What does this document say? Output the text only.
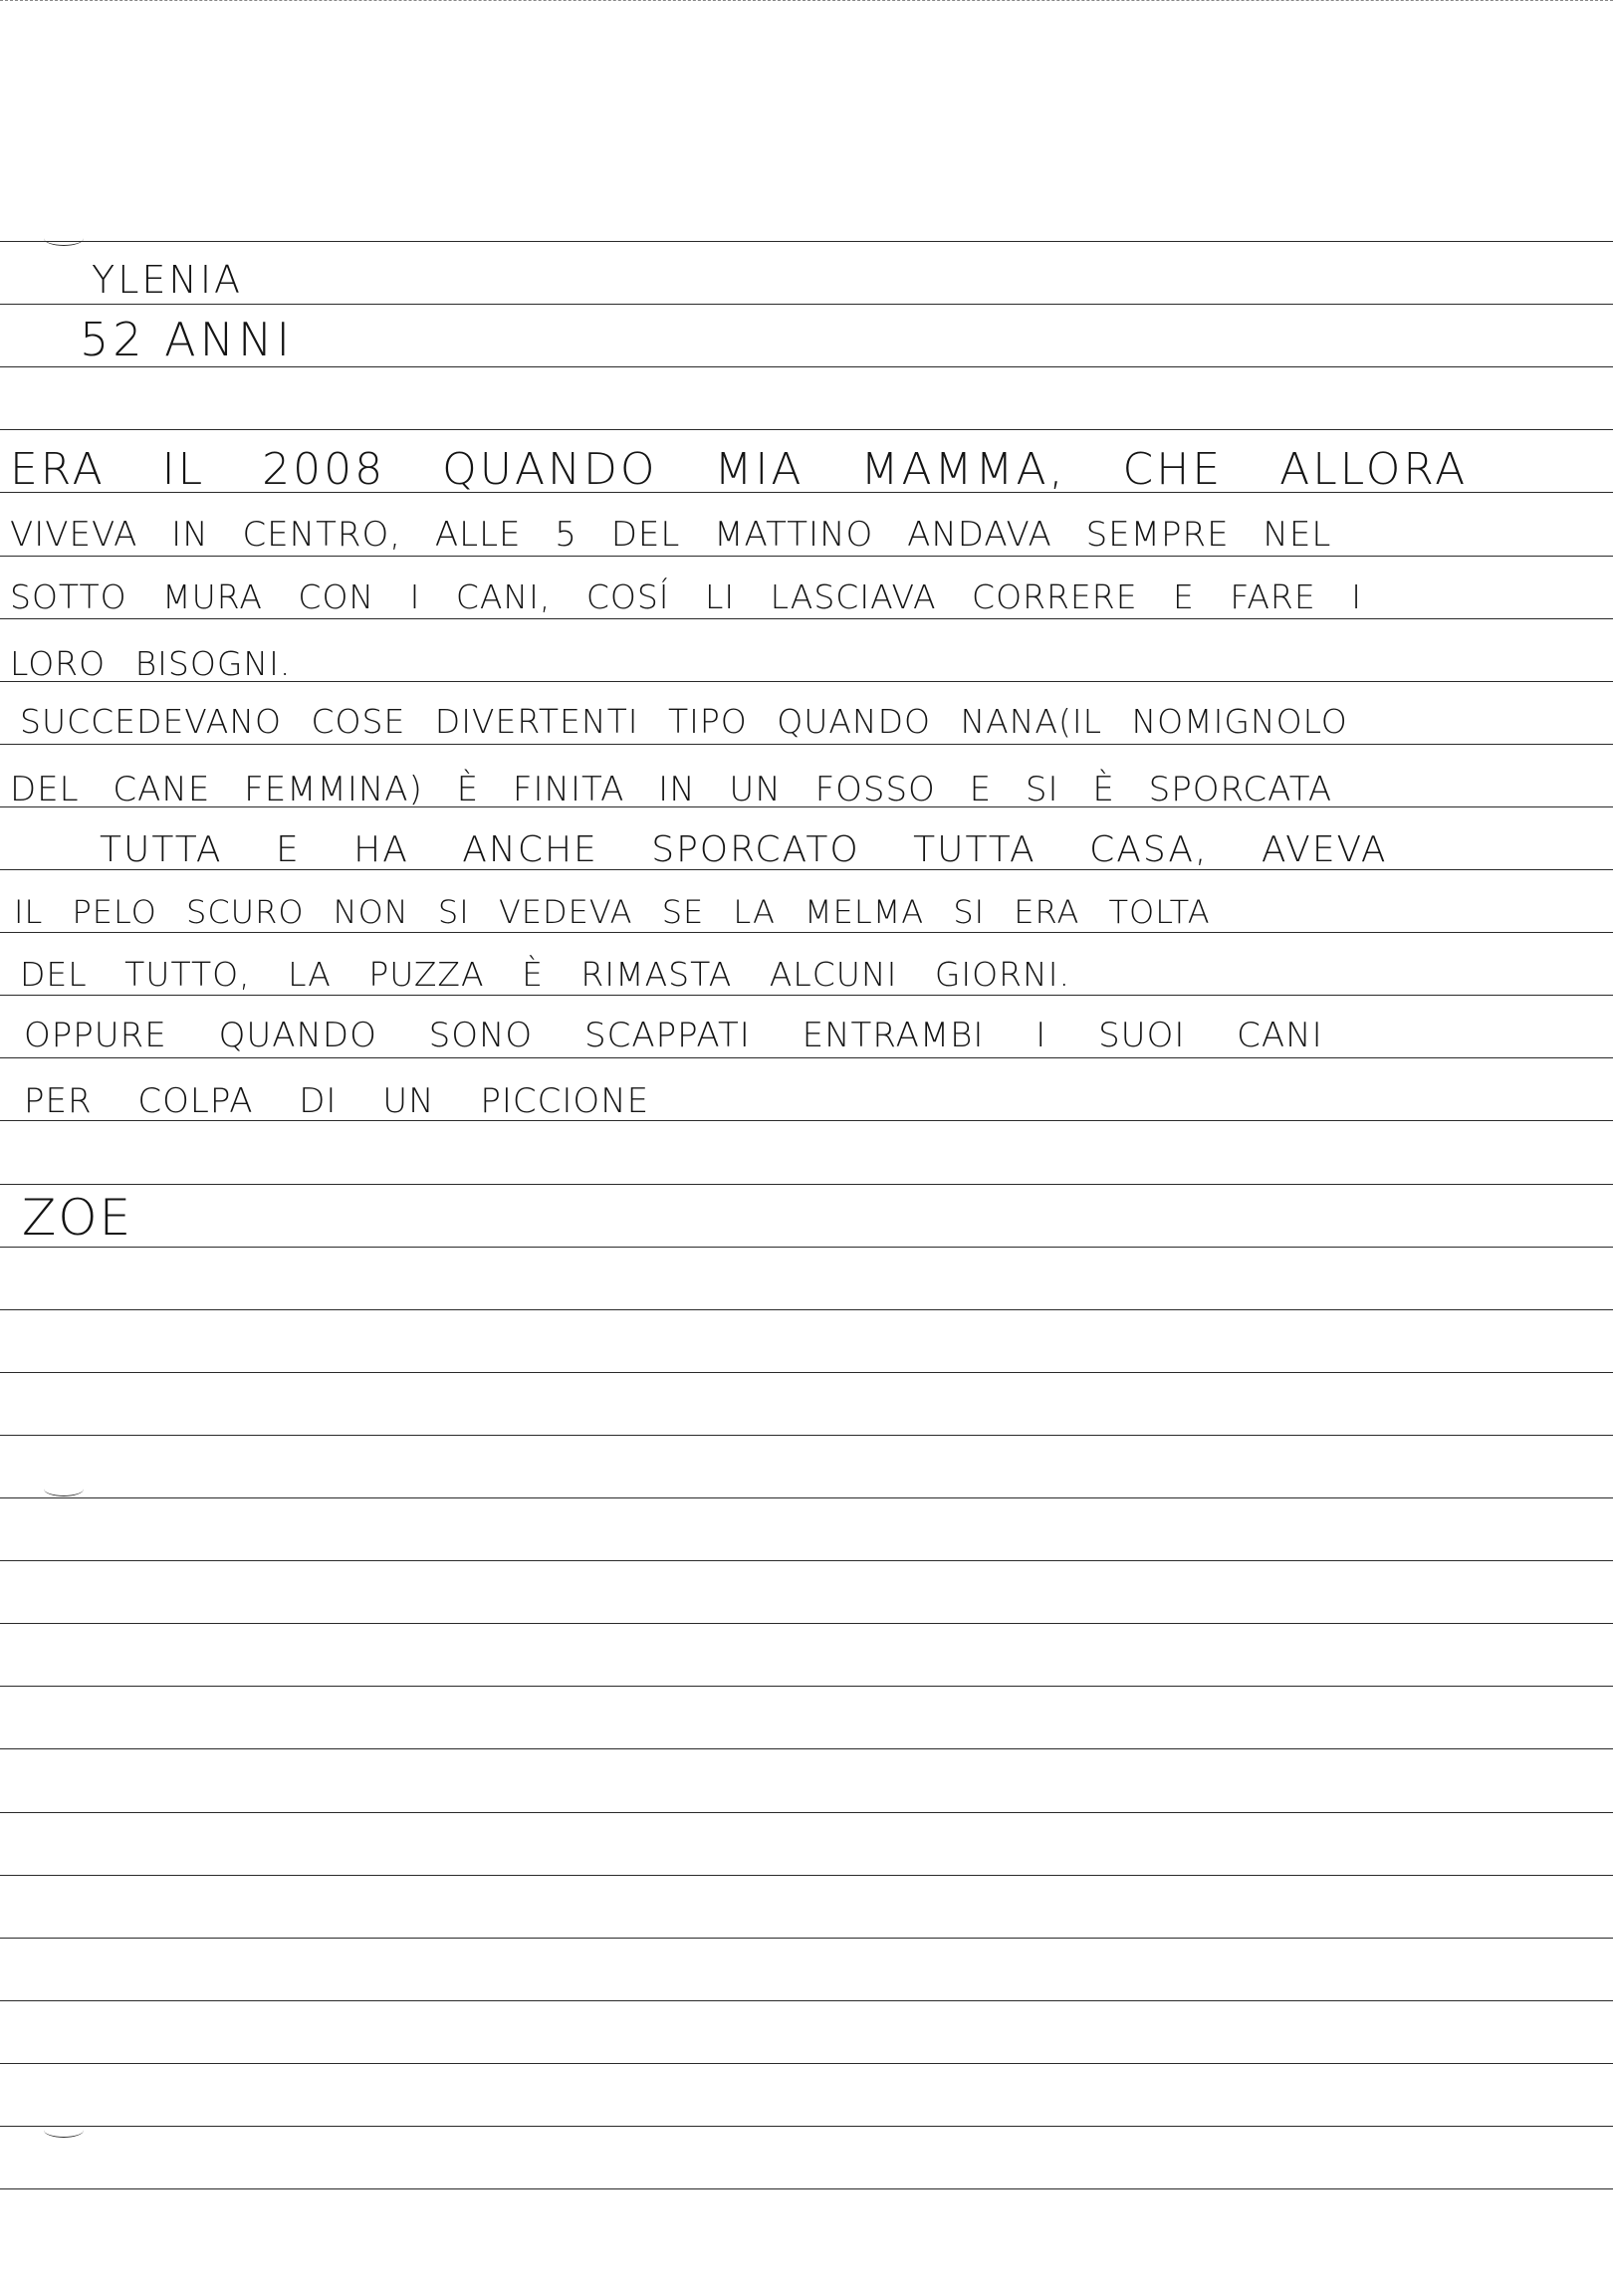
YLENIA
52 ANNI
ERA IL 2008 QUANDO MIA MAMMA, CHE ALLORA
VIVEVA IN CENTRO, ALLE 5 DEL MATTINO ANDAVA SEMPRE NEL
SOTTO MURA CON I CANI, COSÍ LI LASCIAVA CORRERE E FARE I
LORO BISOGNI.
SUCCEDEVANO COSE DIVERTENTI TIPO QUANDO NANA(IL NOMIGNOLO
DEL CANE FEMMINA) È FINITA IN UN FOSSO E SI È SPORCATA
TUTTA E HA ANCHE SPORCATO TUTTA CASA, AVEVA
IL PELO SCURO NON SI VEDEVA SE LA MELMA SI ERA TOLTA
DEL TUTTO, LA PUZZA È RIMASTA ALCUNI GIORNI.
OPPURE QUANDO SONO SCAPPATI ENTRAMBI I SUOI CANI
PER COLPA DI UN PICCIONE
ZOE
